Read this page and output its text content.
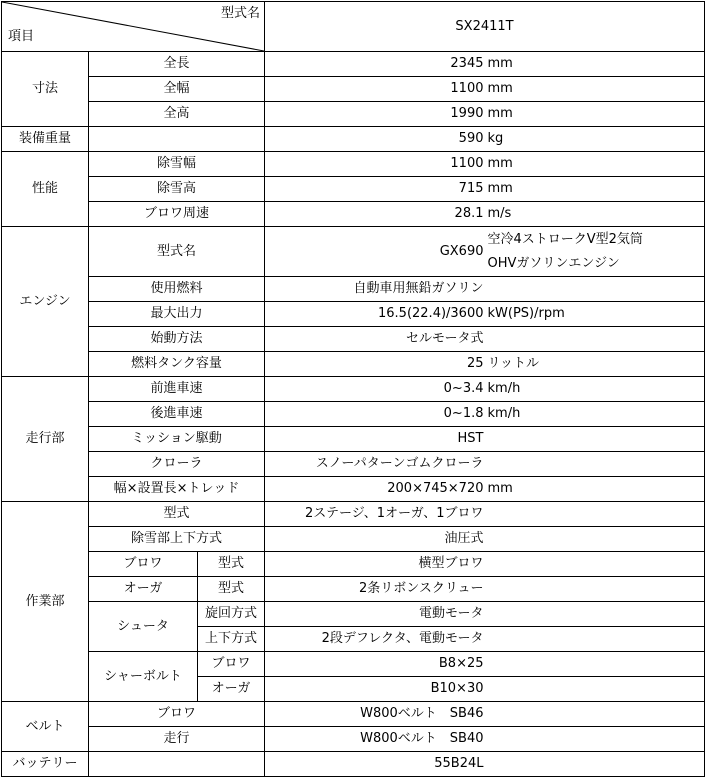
型式名
項目			SX2411T	
寸法	全長		2345	mm
	全幅		1100	mm
	全高		1990	mm
装備重量			590	kg
性能	除雪幅		1100	mm
	除雪高		715	mm
	ブロワ周速		28.1	m/s
エンジン	型式名		GX690	空冷4ストロークV型2気筒
OHVガソリンエンジン

	使用燃料		自動車用無鉛ガソリン	
	最大出力		16.5(22.4)/3600	kW(PS)/rpm
	始動方法		セルモータ式	
	燃料タンク容量		25	リットル
走行部	前進車速		0~3.4	km/h
	後進車速		0~1.8	km/h
	ミッション駆動		HST	
	クローラ		スノーパターンゴムクローラ	
	幅×設置長×トレッド		200×745×720	mm
作業部	型式		2ステージ、1オーガ、1ブロワ	
	除雪部上下方式		油圧式	
	ブロワ	型式	横型ブロワ	
	オーガ	型式	2条リボンスクリュー	
	シュータ	旋回方式	電動モータ	
		上下方式	2段デフレクタ、電動モータ	
	シャーボルト	ブロワ	B8×25	
		オーガ	B10×30	
ベルト	ブロワ		W800ベルト　SB46	
	走行		W800ベルト　SB40	
バッテリー			55B24L	
